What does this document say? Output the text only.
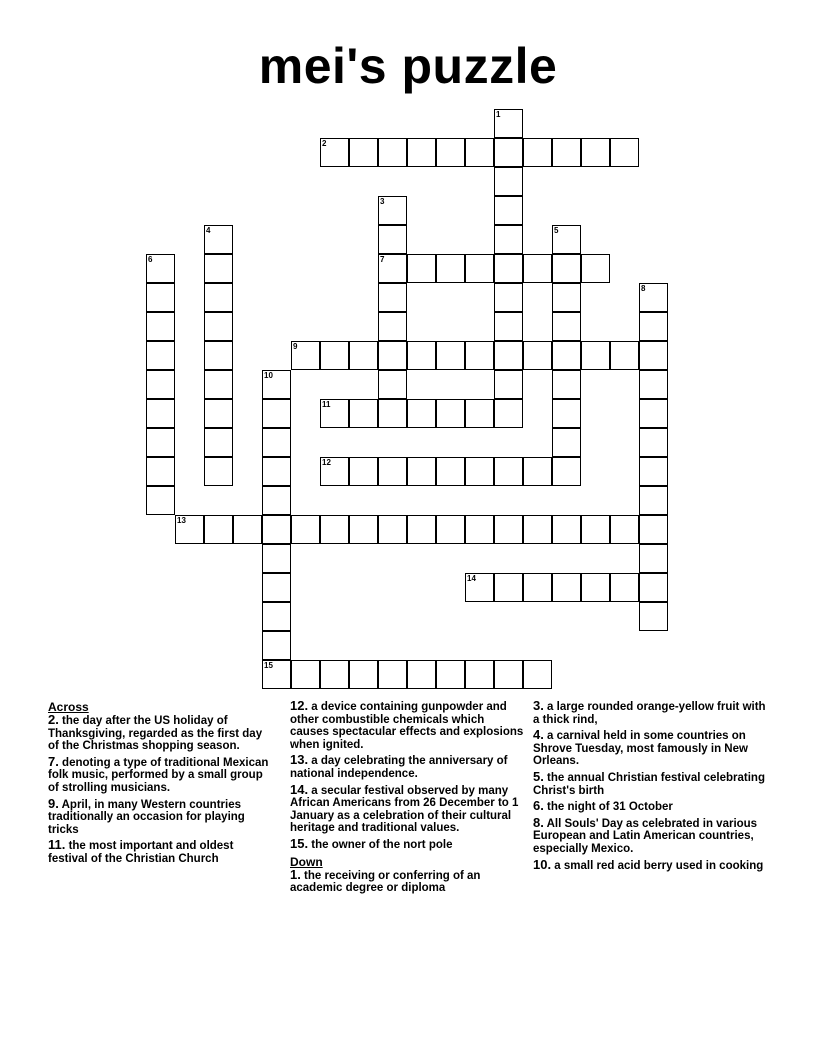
mei's puzzle
1
2
3
7
4	5
6
8
9
10
15
11
12
13
14
Across
2. the day after the US holiday of Thanksgiving, regarded as the first day of the Christmas shopping season.
7. denoting a type of traditional Mexican folk music, performed by a small group of strolling musicians.
9. April, in many Western countries traditionally an occasion for playing tricks
11. the most important and oldest festival of the Christian Church
12. a device containing gunpowder and other combustible chemicals which causes spectacular effects and explosions when ignited.
13. a day celebrating the anniversary of national independence.
14. a secular festival observed by many African Americans from 26 December to 1 January as a celebration of their cultural heritage and traditional values.
15. the owner of the nort pole
Down
1. the receiving or conferring of an academic degree or diploma
3. a large rounded orange-yellow fruit with a thick rind,
4. a carnival held in some countries on Shrove Tuesday, most famously in New Orleans.
5. the annual Christian festival celebrating Christ's birth
6. the night of 31 October
8. All Souls' Day as celebrated in various European and Latin American countries, especially Mexico.
10. a small red acid berry used in cooking
